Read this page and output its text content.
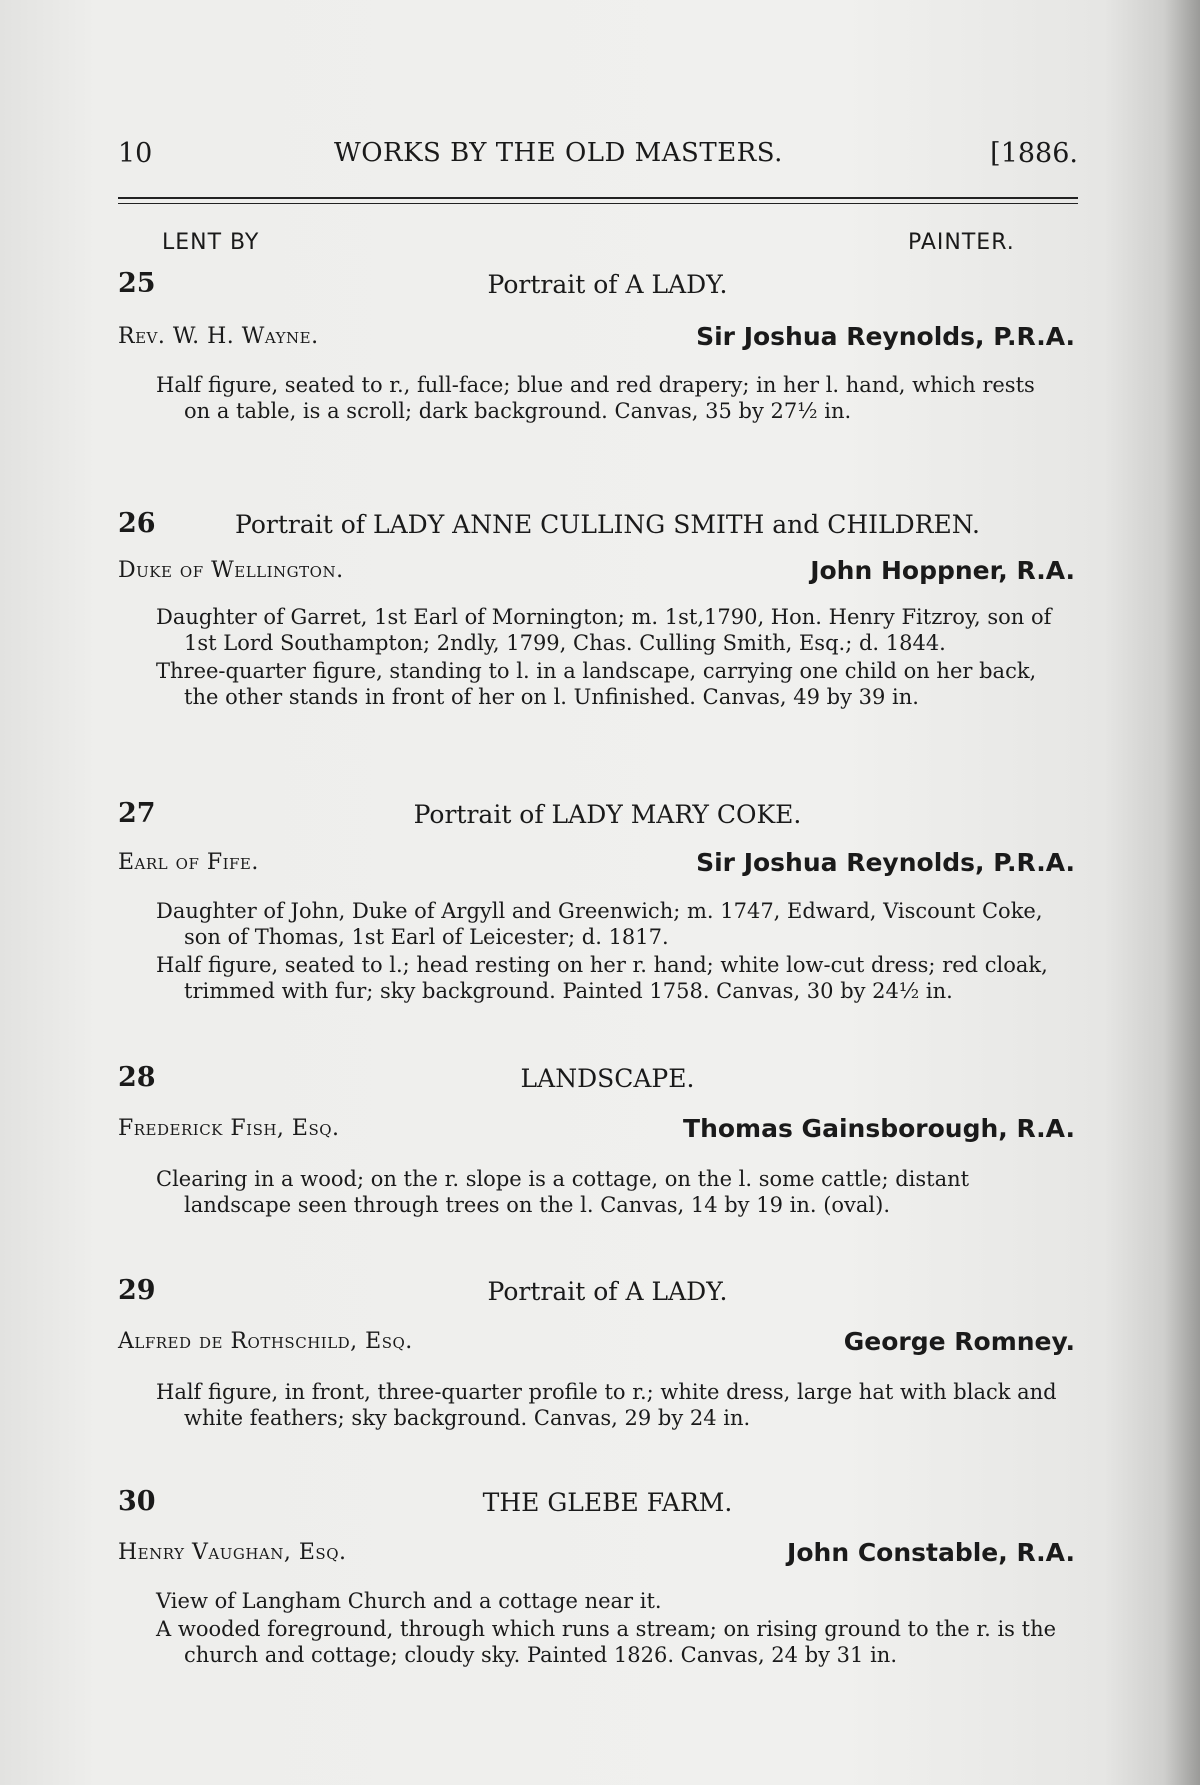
10	WORKS BY THE OLD MASTERS.	[1886.
LENT BY	PAINTER.
25	Portrait of A LADY.
Rev. W. H. Wayne.	Sir Joshua Reynolds, P.R.A.

Half figure, seated to r., full-face; blue and red drapery; in her l. hand, which rests on a table, is a scroll; dark background. Canvas, 35 by 27½ in.

26	Portrait of LADY ANNE CULLING SMITH and CHILDREN.
Duke of Wellington.	John Hoppner, R.A.

Daughter of Garret, 1st Earl of Mornington; m. 1st,1790, Hon. Henry Fitzroy, son of 1st Lord Southampton; 2ndly, 1799, Chas. Culling Smith, Esq.; d. 1844.

Three-quarter figure, standing to l. in a landscape, carrying one child on her back, the other stands in front of her on l. Unfinished. Canvas, 49 by 39 in.

27	Portrait of LADY MARY COKE.
Earl of Fife.	Sir Joshua Reynolds, P.R.A.

Daughter of John, Duke of Argyll and Greenwich; m. 1747, Edward, Viscount Coke, son of Thomas, 1st Earl of Leicester; d. 1817.

Half figure, seated to l.; head resting on her r. hand; white low-cut dress; red cloak, trimmed with fur; sky background. Painted 1758. Canvas, 30 by 24½ in.

28	LANDSCAPE.
Frederick Fish, Esq.	Thomas Gainsborough, R.A.

Clearing in a wood; on the r. slope is a cottage, on the l. some cattle; distant landscape seen through trees on the l. Canvas, 14 by 19 in. (oval).

29	Portrait of A LADY.
Alfred de Rothschild, Esq.	George Romney.

Half figure, in front, three-quarter profile to r.; white dress, large hat with black and white feathers; sky background. Canvas, 29 by 24 in.

30	THE GLEBE FARM.
Henry Vaughan, Esq.	John Constable, R.A.

View of Langham Church and a cottage near it.

A wooded foreground, through which runs a stream; on rising ground to the r. is the church and cottage; cloudy sky. Painted 1826. Canvas, 24 by 31 in.
